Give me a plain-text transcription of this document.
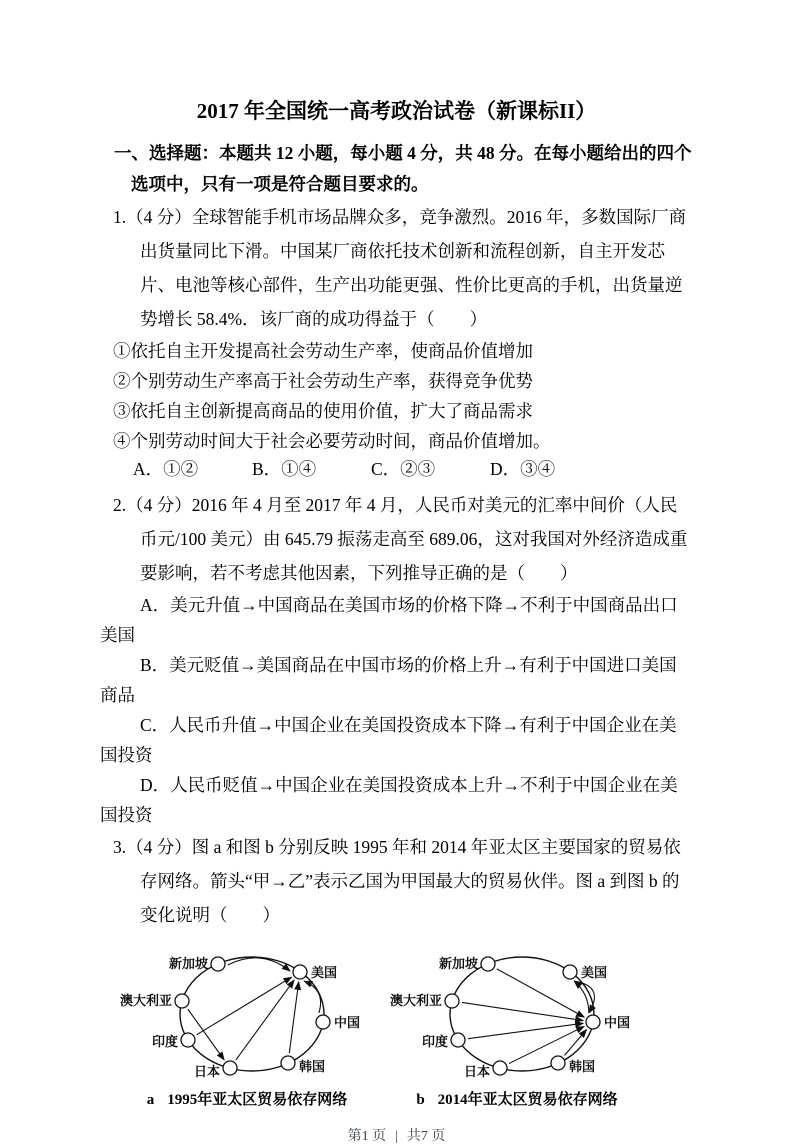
2017 年全国统一高考政治试卷（新课标II）

一、选择题：本题共 12 小题，每小题 4 分，共 48 分。在每小题给出的四个选项中，只有一项是符合题目要求的。

1.（4 分）全球智能手机市场品牌众多，竞争激烈。2016 年，多数国际厂商出货量同比下滑。中国某厂商依托技术创新和流程创新，自主开发芯片、电池等核心部件，生产出功能更强、性价比更高的手机，出货量逆势增长 58.4%．该厂商的成功得益于（　　）

①依托自主开发提高社会劳动生产率，使商品价值增加

②个别劳动生产率高于社会劳动生产率，获得竞争优势

③依托自主创新提高商品的使用价值，扩大了商品需求

④个别劳动时间大于社会必要劳动时间，商品价值增加。

A．①②	B．①④	C．②③	D．③④

2.（4 分）2016 年 4 月至 2017 年 4 月，人民币对美元的汇率中间价（人民币元/100 美元）由 645.79 振荡走高至 689.06，这对我国对外经济造成重要影响，若不考虑其他因素，下列推导正确的是（　　）

A．美元升值→中国商品在美国市场的价格下降→不利于中国商品出口美国

B．美元贬值→美国商品在中国市场的价格上升→有利于中国进口美国商品

C．人民币升值→中国企业在美国投资成本下降→有利于中国企业在美国投资

D．人民币贬值→中国企业在美国投资成本上升→不利于中国企业在美国投资

3.（4 分）图 a 和图 b 分别反映 1995 年和 2014 年亚太区主要国家的贸易依存网络。箭头“甲→乙”表示乙国为甲国最大的贸易伙伴。图 a 到图 b 的变化说明（　　）

新加坡
美国
澳大利亚
印度
日本	韩国
中国
a 1995年亚太区贸易依存网络
新加坡
美国
澳大利亚
印度
日本	韩国
中国
b 2014年亚太区贸易依存网络
第1 页 | 共7 页
